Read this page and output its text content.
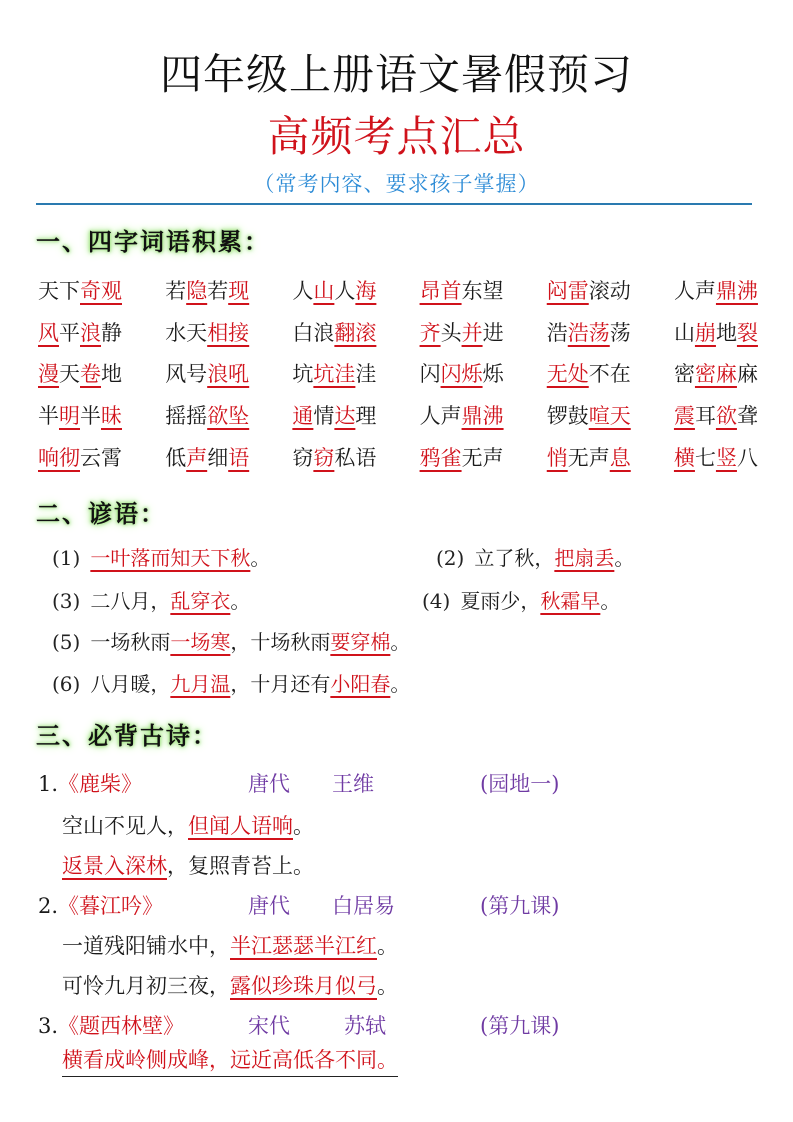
四年级上册语文暑假预习
高频考点汇总
（常考内容、要求孩子掌握）
一、四字词语积累：
天下奇观 若隐若现 人山人海 昂首东望 闷雷滚动 人声鼎沸
风平浪静 水天相接 白浪翻滚 齐头并进 浩浩荡荡 山崩地裂
漫天卷地 风号浪吼 坑坑洼洼 闪闪烁烁 无处不在 密密麻麻
半明半昧 摇摇欲坠 通情达理 人声鼎沸 锣鼓喧天 震耳欲聋
响彻云霄 低声细语 窃窃私语 鸦雀无声 悄无声息 横七竖八
二、谚语：
(1) 一叶落而知天下秋。	(2) 立了秋，把扇丢。
(3) 二八月，乱穿衣。	(4) 夏雨少，秋霜早。
(5) 一场秋雨一场寒，十场秋雨要穿棉。
(6) 八月暖，九月温，十月还有小阳春。
三、必背古诗：
1.《鹿柴》	唐代 王维	(园地一)
空山不见人，但闻人语响。
返景入深林，复照青苔上。
2.《暮江吟》	唐代 白居易	(第九课)
一道残阳铺水中，半江瑟瑟半江红。
可怜九月初三夜，露似珍珠月似弓。
3.《题西林壁》	宋代	苏轼	(第九课)
横看成岭侧成峰，远近高低各不同。
